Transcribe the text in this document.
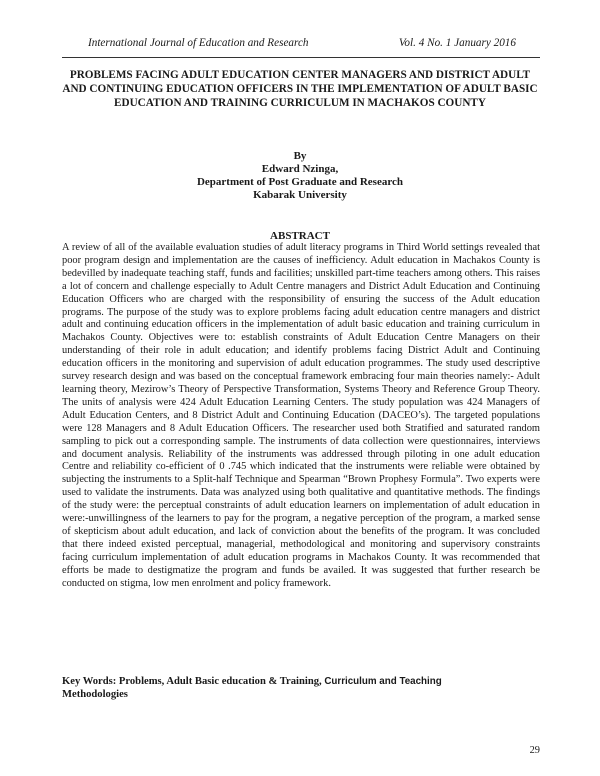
International Journal of Education and Research	Vol. 4 No. 1 January 2016
PROBLEMS FACING ADULT EDUCATION CENTER MANAGERS AND DISTRICT ADULT AND CONTINUING EDUCATION OFFICERS IN THE IMPLEMENTATION OF ADULT BASIC EDUCATION AND TRAINING CURRICULUM IN MACHAKOS COUNTY
By
Edward Nzinga,
Department of Post Graduate and Research
Kabarak University
ABSTRACT
A review of all of the available evaluation studies of adult literacy programs in Third World settings revealed that poor program design and implementation are the causes of inefficiency. Adult education in Machakos County is bedevilled by inadequate teaching staff, funds and facilities; unskilled part-time teachers among others. This raises a lot of concern and challenge especially to Adult Centre managers and District Adult Education and Continuing Education Officers who are charged with the responsibility of ensuring the success of the Adult education programs. The purpose of the study was to explore problems facing adult education centre managers and district adult and continuing education officers in the implementation of adult basic education and training curriculum in Machakos County. Objectives were to: establish constraints of Adult Education Centre Managers on their understanding of their role in adult education; and identify problems facing District Adult and Continuing education officers in the monitoring and supervision of adult education programmes. The study used descriptive survey research design and was based on the conceptual framework embracing four main theories namely:- Adult learning theory, Mezirow’s Theory of Perspective Transformation, Systems Theory and Reference Group Theory. The units of analysis were 424 Adult Education Learning Centers. The study population was 424 Managers of Adult Education Centers, and 8 District Adult and Continuing Education (DACEO’s). The targeted populations were 128 Managers and 8 Adult Education Officers. The researcher used both Stratified and saturated random sampling to pick out a corresponding sample. The instruments of data collection were questionnaires, interviews and document analysis. Reliability of the instruments was addressed through piloting in one adult education Centre and reliability co-efficient of 0 .745 which indicated that the instruments were reliable were obtained by subjecting the instruments to a Split-half Technique and Spearman “Brown Prophesy Formula”. Two experts were used to validate the instruments. Data was analyzed using both qualitative and quantitative methods. The findings of the study were: the perceptual constraints of adult education learners on implementation of adult education in were:-unwillingness of the learners to pay for the program, a negative perception of the program, a marked sense of skepticism about adult education, and lack of conviction about the benefits of the program. It was concluded that there indeed existed perceptual, managerial, methodological and monitoring and supervisory constraints facing curriculum implementation of adult education programs in Machakos County. It was recommended that efforts be made to destigmatize the program and funds be availed. It was suggested that further research be conducted on stigma, low men enrolment and policy framework.
Key Words: Problems, Adult Basic education & Training, Curriculum and Teaching
Methodologies
29
